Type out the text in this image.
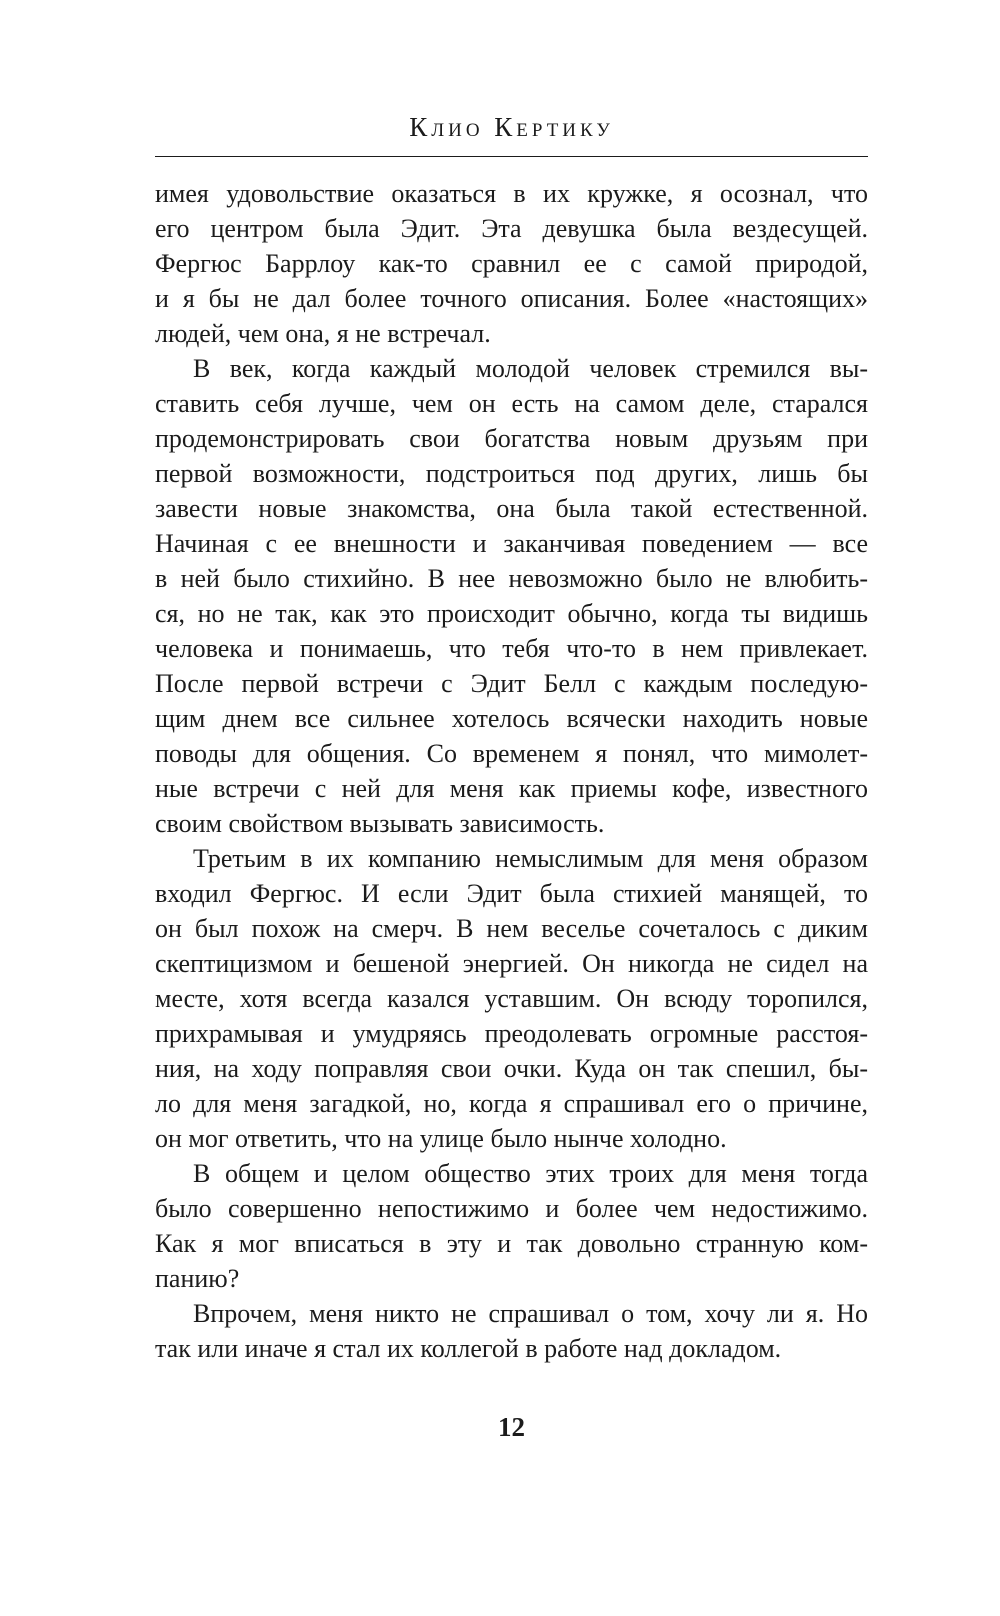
Клио Кертику
имея удовольствие оказаться в их кружке, я осознал, что
его центром была Эдит. Эта девушка была вездесущей.
Фергюс Баррлоу как-то сравнил ее с самой природой,
и я бы не дал более точного описания. Более «настоящих»
людей, чем она, я не встречал.
В век, когда каждый молодой человек стремился вы-
ставить себя лучше, чем он есть на самом деле, старался
продемонстрировать свои богатства новым друзьям при
первой возможности, подстроиться под других, лишь бы
завести новые знакомства, она была такой естественной.
Начиная с ее внешности и заканчивая поведением — все
в ней было стихийно. В нее невозможно было не влюбить-
ся, но не так, как это происходит обычно, когда ты видишь
человека и понимаешь, что тебя что-то в нем привлекает.
После первой встречи с Эдит Белл с каждым последую-
щим днем все сильнее хотелось всячески находить новые
поводы для общения. Со временем я понял, что мимолет-
ные встречи с ней для меня как приемы кофе, известного
своим свойством вызывать зависимость.
Третьим в их компанию немыслимым для меня образом
входил Фергюс. И если Эдит была стихией манящей, то
он был похож на смерч. В нем веселье сочеталось с диким
скептицизмом и бешеной энергией. Он никогда не сидел на
месте, хотя всегда казался уставшим. Он всюду торопился,
прихрамывая и умудряясь преодолевать огромные расстоя-
ния, на ходу поправляя свои очки. Куда он так спешил, бы-
ло для меня загадкой, но, когда я спрашивал его о причине,
он мог ответить, что на улице было нынче холодно.
В общем и целом общество этих троих для меня тогда
было совершенно непостижимо и более чем недостижимо.
Как я мог вписаться в эту и так довольно странную ком-
панию?
Впрочем, меня никто не спрашивал о том, хочу ли я. Но
так или иначе я стал их коллегой в работе над докладом.
12
